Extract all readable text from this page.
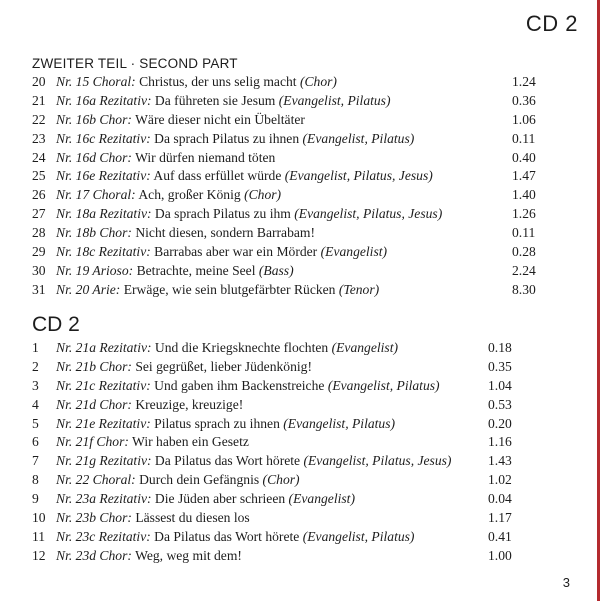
CD 2
ZWEITER TEIL · SECOND PART
20 Nr. 15 Choral: Christus, der uns selig macht (Chor)	1.24
21 Nr. 16a Rezitativ: Da führeten sie Jesum (Evangelist, Pilatus)	0.36
22 Nr. 16b Chor: Wäre dieser nicht ein Übeltäter	1.06
23 Nr. 16c Rezitativ: Da sprach Pilatus zu ihnen (Evangelist, Pilatus)	0.11
24 Nr. 16d Chor: Wir dürfen niemand töten	0.40
25 Nr. 16e Rezitativ: Auf dass erfüllet würde (Evangelist, Pilatus, Jesus)	1.47
26 Nr. 17 Choral: Ach, großer König (Chor)	1.40
27 Nr. 18a Rezitativ: Da sprach Pilatus zu ihm (Evangelist, Pilatus, Jesus)	1.26
28 Nr. 18b Chor: Nicht diesen, sondern Barrabam!	0.11
29 Nr. 18c Rezitativ: Barrabas aber war ein Mörder (Evangelist)	0.28
30 Nr. 19 Arioso: Betrachte, meine Seel (Bass)	2.24
31 Nr. 20 Arie: Erwäge, wie sein blutgefärbter Rücken (Tenor)	8.30
CD 2
1 Nr. 21a Rezitativ: Und die Kriegsknechte flochten (Evangelist)	0.18
2 Nr. 21b Chor: Sei gegrüßet, lieber Jüdenkönig!	0.35
3 Nr. 21c Rezitativ: Und gaben ihm Backenstreiche (Evangelist, Pilatus)	1.04
4 Nr. 21d Chor: Kreuzige, kreuzige!	0.53
5 Nr. 21e Rezitativ: Pilatus sprach zu ihnen (Evangelist, Pilatus)	0.20
6 Nr. 21f Chor: Wir haben ein Gesetz	1.16
7 Nr. 21g Rezitativ: Da Pilatus das Wort hörete (Evangelist, Pilatus, Jesus)	1.43
8 Nr. 22 Choral: Durch dein Gefängnis (Chor)	1.02
9 Nr. 23a Rezitativ: Die Jüden aber schrieen (Evangelist)	0.04
10 Nr. 23b Chor: Lässest du diesen los	1.17
11 Nr. 23c Rezitativ: Da Pilatus das Wort hörete (Evangelist, Pilatus)	0.41
12 Nr. 23d Chor: Weg, weg mit dem!	1.00
3
